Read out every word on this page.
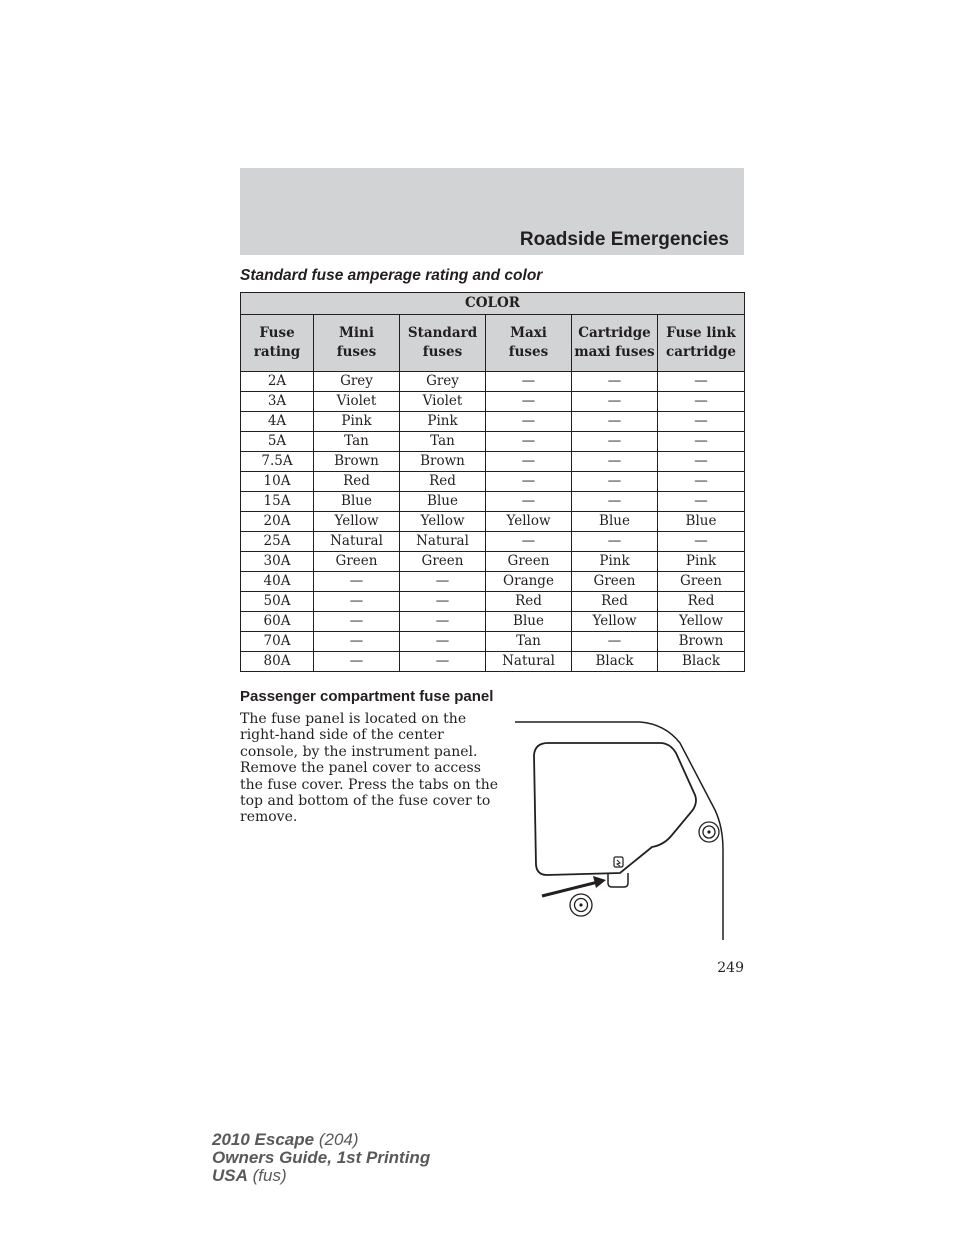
Roadside Emergencies
Standard fuse amperage rating and color
COLOR					
Fuse rating	Mini fuses	Standard fuses	Maxi fuses	Cartridge maxi fuses	Fuse link cartridge
2A	Grey	Grey	—	—	—
3A	Violet	Violet	—	—	—
4A	Pink	Pink	—	—	—
5A	Tan	Tan	—	—	—
7.5A	Brown	Brown	—	—	—
10A	Red	Red	—	—	—
15A	Blue	Blue	—	—	—
20A	Yellow	Yellow	Yellow	Blue	Blue
25A	Natural	Natural	—	—	—
30A	Green	Green	Green	Pink	Pink
40A	—	—	Orange	Green	Green
50A	—	—	Red	Red	Red
60A	—	—	Blue	Yellow	Yellow
70A	—	—	Tan	—	Brown
80A	—	—	Natural	Black	Black
Passenger compartment fuse panel
The fuse panel is located on the right-hand side of the center console, by the instrument panel. Remove the panel cover to access the fuse cover. Press the tabs on the top and bottom of the fuse cover to remove.
249
2010 Escape (204)
Owners Guide, 1st Printing
USA (fus)
